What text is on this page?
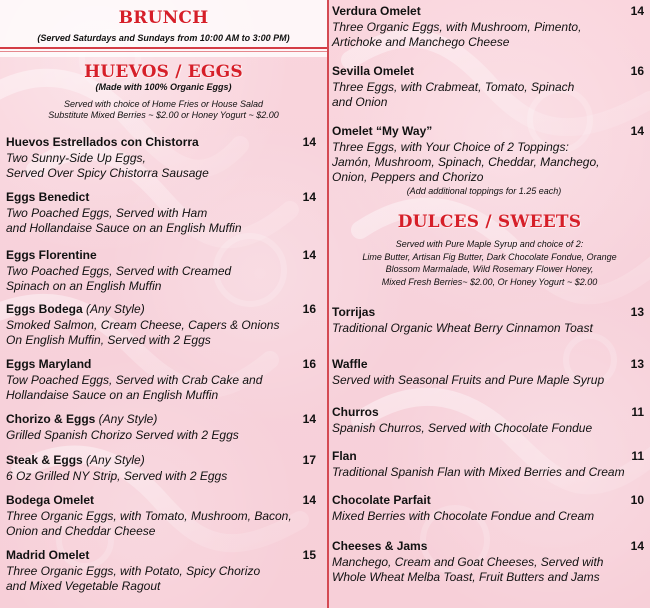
BRUNCH
(Served Saturdays and Sundays from 10:00 AM to 3:00 PM)
HUEVOS / EGGS
(Made with 100% Organic Eggs)
Served with choice of Home Fries or House Salad
Substitute Mixed Berries ~ $2.00 or Honey Yogurt ~ $2.00
Huevos Estrellados con Chistorra	14
Two Sunny-Side Up Eggs,
Served Over Spicy Chistorra Sausage
Eggs Benedict	14
Two Poached Eggs, Served with Ham
and Hollandaise Sauce on an English Muffin
Eggs Florentine	14
Two Poached Eggs, Served with Creamed
Spinach on an English Muffin
Eggs Bodega (Any Style)	16
Smoked Salmon, Cream Cheese, Capers & Onions
On English Muffin, Served with 2 Eggs
Eggs Maryland	16
Tow Poached Eggs, Served with Crab Cake and
Hollandaise Sauce on an English Muffin
Chorizo & Eggs (Any Style)	14
Grilled Spanish Chorizo Served with 2 Eggs
Steak & Eggs (Any Style)	17
6 Oz Grilled NY Strip, Served with 2 Eggs
Bodega Omelet	14
Three Organic Eggs, with Tomato, Mushroom, Bacon,
Onion and Cheddar Cheese
Madrid Omelet	15
Three Organic Eggs, with Potato, Spicy Chorizo
and Mixed Vegetable Ragout
Verdura Omelet	14
Three Organic Eggs, with Mushroom, Pimento,
Artichoke and Manchego Cheese
Sevilla Omelet	16
Three Eggs, with Crabmeat, Tomato, Spinach
and Onion
Omelet “My Way”	14
Three Eggs, with Your Choice of 2 Toppings:
Jamón, Mushroom, Spinach, Cheddar, Manchego,
Onion, Peppers and Chorizo
(Add additional toppings for 1.25 each)
DULCES / SWEETS
Served with Pure Maple Syrup and choice of 2:
Lime Butter, Artisan Fig Butter, Dark Chocolate Fondue, Orange
Blossom Marmalade, Wild Rosemary Flower Honey,
Mixed Fresh Berries~ $2.00, Or Honey Yogurt ~ $2.00
Torrijas	13
Traditional Organic Wheat Berry Cinnamon Toast
Waffle	13
Served with Seasonal Fruits and Pure Maple Syrup
Churros	11
Spanish Churros, Served with Chocolate Fondue
Flan	11
Traditional Spanish Flan with Mixed Berries and Cream
Chocolate Parfait	10
Mixed Berries with Chocolate Fondue and Cream
Cheeses & Jams	14
Manchego, Cream and Goat Cheeses, Served with
Whole Wheat Melba Toast, Fruit Butters and Jams
